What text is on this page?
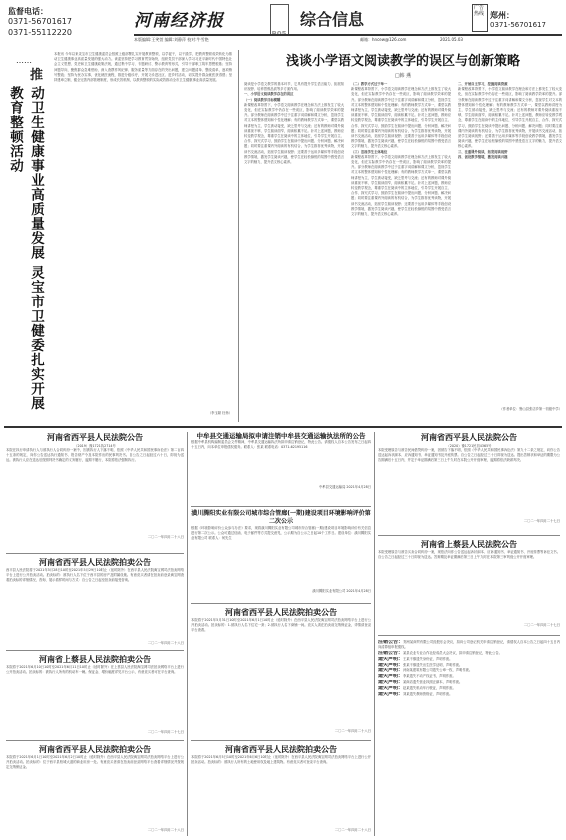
监督电话：
0371-56701617
0371-55112220
河南经济报	综合信息
广告热线 郑州：
0371-56701617
本版编辑:王笑萱 编辑:刘静萍 校对:牛雪艳	邮箱：hncew@126.com	2021.05.03
动卫生健康事业高质量发展 灵宝市卫健委扎实开展教育整顿活动
……
推
本报讯 今年以来灵宝市卫生健康委员会按照上级部署扎实开展教育整顿，以学促干，以干践学，把教育整顿成效转化为推动卫生健康事业高质量发展的强大动力。该委坚持把学习教育贯穿始终，组织党员干部深入学习习近平新时代中国特色社会主义思想、党史和卫生健康政策法规，通过集中学习、专题研讨、警示教育等形式，引导干部职工筑牢思想根基；坚持问题导向，聚焦群众急难愁盼，深入查摆作风纪律、服务质量等方面存在的突出问题，建立问题清单、整改清单，逐项销号整改；坚持为民办实事，优化就医流程，推进分级诊疗，开展义诊进社区、进乡村活动，切实提升群众就医获得感；坚持建章立制，健全完善内部管理制度，形成长效机制，以教育整顿的实际成效推动全市卫生健康事业高质量发展。
（李玉颖 杜杨）
浅谈小学语文阅读教学的误区与创新策略
□韩 燕
阅读是小学语文教学的基本环节，它具有提升学生语言能力、拓展知识视野、培养思维品质等多方面作用。
一、小学语文阅读教学存在的误区
（一）阅读教学目标模糊
新课程改革背景下，小学语文阅读教学在理念和方法上都发生了较大变化，但在实际教学中仍存在一些误区，影响了阅读教学效率的提升。部分教师在阅读教学中过于注重字词讲解和课文分析，忽视学生对文本的整体感知和个性化理解；有的教师教学方式单一，课堂以教师讲授为主，学生被动接受，缺乏思考与交流；还有的教师对课外阅读重视不够，学生阅读面窄，阅读积累不足。针对上述问题，教师应转变教学观念，尊重学生在阅读中的主体地位，引导学生开展自主、合作、探究式学习，鼓励学生在阅读中提出问题、分析问题、解决问题；同时要注重课内外阅读的有机结合，为学生推荐优秀读物，开展读书交流活动，拓宽学生阅读视野；还要善于运用多媒体等手段创设教学情境，激发学生阅读兴趣，使学生在轻松愉悦的氛围中感受语言文字的魅力，提升语文核心素养。
（二）教学方式过于单一
新课程改革背景下，小学语文阅读教学在理念和方法上都发生了较大变化，但在实际教学中仍存在一些误区，影响了阅读教学效率的提升。部分教师在阅读教学中过于注重字词讲解和课文分析，忽视学生对文本的整体感知和个性化理解；有的教师教学方式单一，课堂以教师讲授为主，学生被动接受，缺乏思考与交流；还有的教师对课外阅读重视不够，学生阅读面窄，阅读积累不足。针对上述问题，教师应转变教学观念，尊重学生在阅读中的主体地位，引导学生开展自主、合作、探究式学习，鼓励学生在阅读中提出问题、分析问题、解决问题；同时要注重课内外阅读的有机结合，为学生推荐优秀读物，开展读书交流活动，拓宽学生阅读视野；还要善于运用多媒体等手段创设教学情境，激发学生阅读兴趣，使学生在轻松愉悦的氛围中感受语言文字的魅力，提升语文核心素养。
（三）忽视学生主体地位
新课程改革背景下，小学语文阅读教学在理念和方法上都发生了较大变化，但在实际教学中仍存在一些误区，影响了阅读教学效率的提升。部分教师在阅读教学中过于注重字词讲解和课文分析，忽视学生对文本的整体感知和个性化理解；有的教师教学方式单一，课堂以教师讲授为主，学生被动接受，缺乏思考与交流；还有的教师对课外阅读重视不够，学生阅读面窄，阅读积累不足。针对上述问题，教师应转变教学观念，尊重学生在阅读中的主体地位，引导学生开展自主、合作、探究式学习，鼓励学生在阅读中提出问题、分析问题、解决问题；同时要注重课内外阅读的有机结合，为学生推荐优秀读物，开展读书交流活动，拓宽学生阅读视野；还要善于运用多媒体等手段创设教学情境，激发学生阅读兴趣，使学生在轻松愉悦的氛围中感受语言文字的魅力，提升语文核心素养。
二、开展自主学习，挖掘阅读资源
新课程改革背景下，小学语文阅读教学在理念和方法上都发生了较大变化，但在实际教学中仍存在一些误区，影响了阅读教学效率的提升。部分教师在阅读教学中过于注重字词讲解和课文分析，忽视学生对文本的整体感知和个性化理解；有的教师教学方式单一，课堂以教师讲授为主，学生被动接受，缺乏思考与交流；还有的教师对课外阅读重视不够，学生阅读面窄，阅读积累不足。针对上述问题，教师应转变教学观念，尊重学生在阅读中的主体地位，引导学生开展自主、合作、探究式学习，鼓励学生在阅读中提出问题、分析问题、解决问题；同时要注重课内外阅读的有机结合，为学生推荐优秀读物，开展读书交流活动，拓宽学生阅读视野；还要善于运用多媒体等手段创设教学情境，激发学生阅读兴趣，使学生在轻松愉悦的氛围中感受语言文字的魅力，提升语文核心素养。
三、注重课外阅读，拓宽阅读视野
四、创设教学情境，激发阅读兴趣
（作者单位：鲁山县张店乡第一初级中学）
河南省西平县人民法院公告
（2019）豫1721执2714号
本院在执行申请执行人与被执行人合同纠纷一案中，因被执行人下落不明，依照《中华人民共和国民事诉讼法》第二百四十五条的规定，向你公告送达执行通知书、报告财产令及本院作出的民事判决书。自公告之日起经过六十日，即视为送达。被执行人应在送达后按照判决书确定的义务履行，逾期不履行，本院将依法强制执行。
二〇二一年四月二十八日
河南省西平县人民法院拍卖公告
西平县人民法院将于2021年5月28日10时至2021年5月29日10时止（延时除外）在西平县人民法院淘宝网司法拍卖网络平台上进行公开拍卖活动。拍卖标的：被执行人名下位于西平县的房产及附属设施。有意竞买者请在拍卖前登录淘宝网查看拍卖标的详细情况，咨询、展示看样时间与方式：自公告之日起至拍卖前接受咨询。
二〇二一年四月二十八日
河南省上蔡县人民法院拍卖公告
本院将于2021年6月10日10时至2021年6月11日10时止（延时除外）在上蔡县人民法院淘宝网司法拍卖网络平台上进行公开拍卖活动。拍卖标的：被执行人所有的机动车一辆。保证金、增价幅度详见平台公示，有意竞买者可在平台查询。
二〇二一年四月二十七日
河南省西平县人民法院拍卖公告
本院将于2021年6月1日10时至2021年6月2日10时止（延时除外）在西平县人民法院淘宝网司法拍卖网络平台上进行公开拍卖活动。拍卖标的：位于西平县柏城大道的商业用房一处。有意竞买者请在拍卖前登录网络平台查看详细情况并按规定交纳保证金。
二〇二一年四月二十八日
中牟县交通运输局拟申请注销中牟县交通运输执法所的公告
根据中牟县机构编制委员会文件精神，中牟县交通运输执法所拟申请注销登记，特此公告。请债权人自本公告发布之日起四十五日内，向本单位申报债权债务。联系人：张某 联系电话：0371-62195116
中牟县交通运输局 2021年4月28日
潢川腾阳实业有限公司城市综合管廊(一期)建设项目环境影响评价第二次公示
根据《环境影响评价公众参与办法》要求，现将潢川腾阳实业有限公司城市综合管廊(一期)建设项目环境影响评价有关信息进行第二次公示。公众可通过信函、电子邮件等方式提交意见，公示期为自公示之日起10个工作日。建设单位：潢川腾阳实业有限公司 联系人：何先生
潢川腾阳实业有限公司 2021年4月28日
河南省西平县人民法院拍卖公告
本院将于2021年5月31日10时至2021年6月1日10时止（延时除外）在西平县人民法院淘宝网司法拍卖网络平台上进行公开拍卖活动。拍卖标的：1.被执行人名下住宅一套；2.被执行人名下商铺一间。竞买人须在拍卖前交纳保证金，详情请登录平台查看。
二〇二一年四月二十八日
河南省西平县人民法院拍卖公告
本院将于2021年6月5日10时至2021年6月6日10时止（延时除外）在西平县人民法院淘宝网司法拍卖网络平台上进行公开拍卖活动。拍卖标的：被执行人所有的土地使用权及地上建筑物。有意竞买者可登录平台查询。
二〇二一年四月二十八日
河南省西平县人民法院公告
（2020）豫1721民初4365号
本院受理原告与被告民间借贷纠纷一案，因被告下落不明，依照《中华人民共和国民事诉讼法》第九十二条之规定，向你公告送达起诉状副本、应诉通知书、举证通知书及开庭传票。自公告之日起经过三十日即视为送达。提出答辩状和举证的期限为公告期满后十五日内，并定于举证期满后第三日上午九时在本院公开开庭审理，逾期将依法缺席判决。
二〇二一年四月二十七日
河南省上蔡县人民法院公告
本院受理原告与被告买卖合同纠纷一案，现依法向你公告送达起诉状副本、应诉通知书、举证通知书、开庭传票等诉讼文书。自公告之日起经过三十日即视为送达。答辩期及举证期满后第三日上午九时在本院第三审判庭公开开庭审理。
二〇二一年四月二十七日
注销公告：郑州某商贸有限公司经股东会决议，拟向公司登记机关申请注销登记，请债权人自本公告之日起四十五日内向清算组申报债权。
注销公告：某县农业专业合作社经成员大会决议，拟申请注销登记，特此公告。
遗失声明：王某不慎遗失身份证，声明作废。
遗失声明：张某不慎遗失出生医学证明，声明作废。
遗失声明：河南某建筑有限公司遗失公章一枚，声明作废。
遗失声明：李某遗失不动产权证书，声明作废。
遗失声明：某商店遗失营业执照正副本，声明作废。
遗失声明：赵某遗失机动车行驶证，声明作废。
遗失声明：刘某遗失教师资格证，声明作废。
